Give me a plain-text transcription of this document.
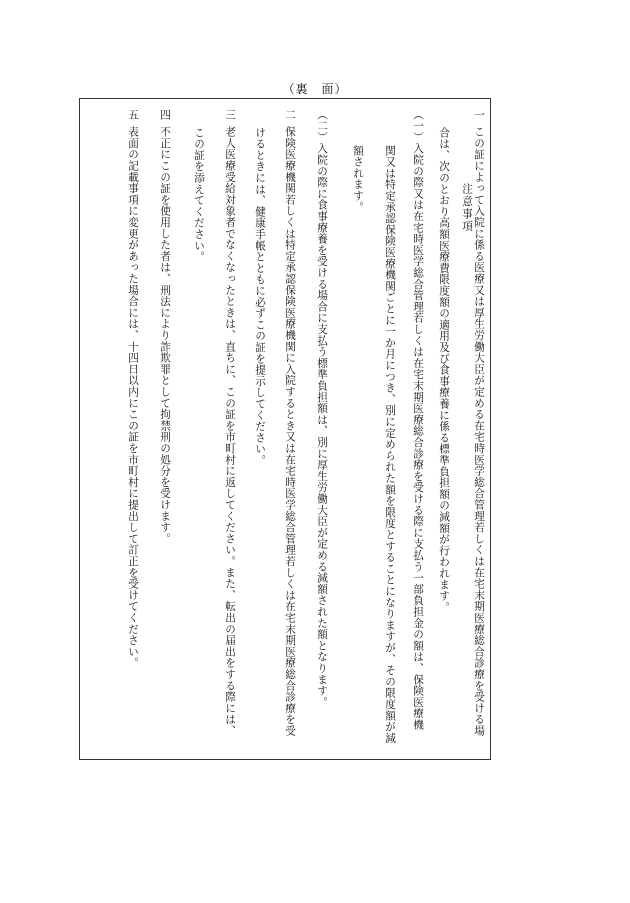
（裏　面）
注意事項
一この証によって入院に係る医療又は厚生労働大臣が定める在宅時医学総合管理若しくは在宅末期医療総合診療を受ける場
合は、次のとおり高額医療費限度額の適用及び食事療養に係る標準負担額の減額が行われます。
（一）入院の際又は在宅時医学総合管理若しくは在宅末期医療総合診療を受ける際に支払う一部負担金の額は、保険医療機
関又は特定承認保険医療機関ごとに一か月につき、別に定められた額を限度とすることになりますが、その限度額が減
額されます。
（二）入院の際に食事療養を受ける場合に支払う標準負担額は、別に厚生労働大臣が定める減額された額となります。
二保険医療機関若しくは特定承認保険医療機関に入院するとき又は在宅時医学総合管理若しくは在宅末期医療総合診療を受
けるときには、健康手帳とともに必ずこの証を提示してください。
三老人医療受給対象者でなくなったときは、直ちに、この証を市町村に返してください。また、転出の届出をする際には、
この証を添えてください。
四不正にこの証を使用した者は、刑法により詐欺罪として拘禁刑の処分を受けます。
五表面の記載事項に変更があった場合には、十四日以内にこの証を市町村に提出して訂正を受けてください。
